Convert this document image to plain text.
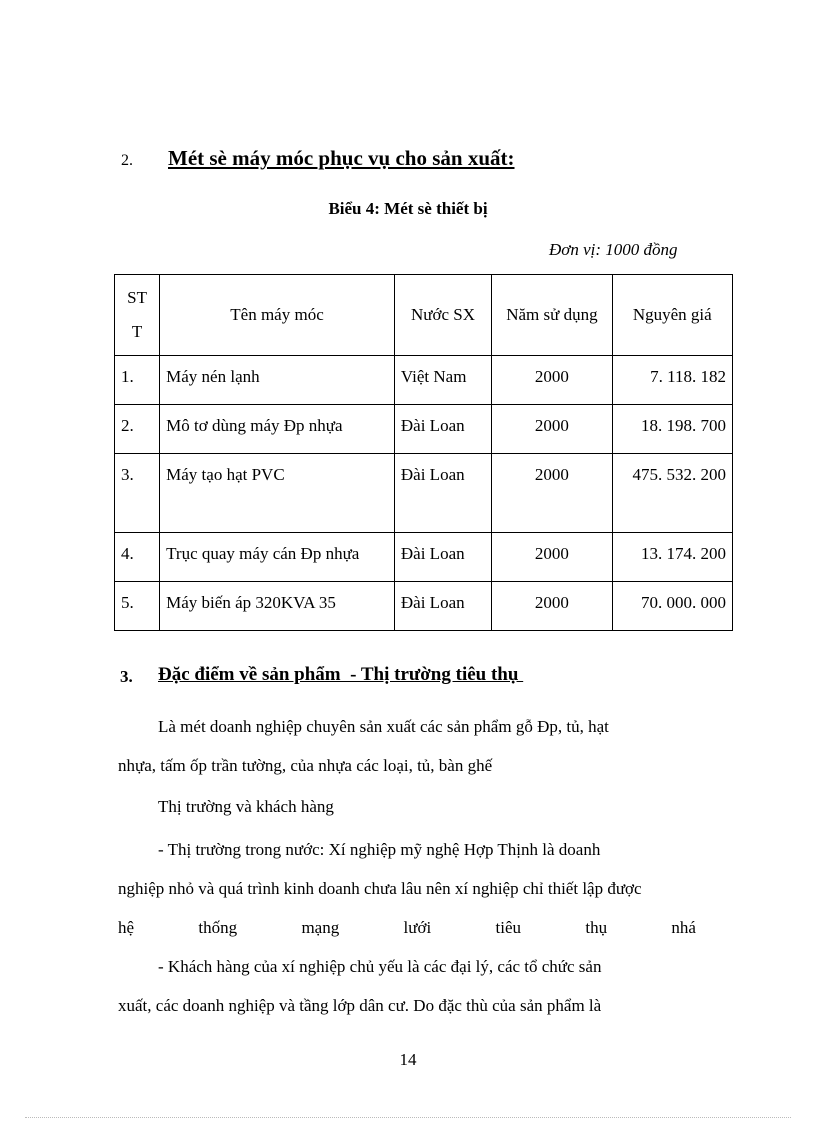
2. Mét sè máy móc phục vụ cho sản xuất:
Biểu 4: Mét sè thiết bị
Đơn vị: 1000 đồng
ST T	Tên máy móc	Nước SX	Năm sử dụng	Nguyên giá
1.	Máy nén lạnh	Việt Nam	2000	7. 118. 182
2.	Mô tơ dùng máy Ðp nhựa	Đài Loan	2000	18. 198. 700
3.	Máy tạo hạt PVC	Đài Loan	2000	475. 532. 200
4.	Trục quay máy cán Ðp nhựa	Đài Loan	2000	13. 174. 200
5.	Máy biến áp 320KVA 35	Đài Loan	2000	70. 000. 000
3. Đặc điểm về sản phẩm  - Thị trường tiêu thụ
Là mét doanh nghiệp chuyên sản xuất các sản phẩm gỗ Ðp, tủ, hạt
nhựa, tấm ốp trần tường, của nhựa các loại, tủ, bàn ghế
Thị trường và khách hàng
- Thị trường trong nước: Xí nghiệp mỹ nghệ Hợp Thịnh là doanh
nghiệp nhỏ và quá trình kinh doanh chưa lâu nên xí nghiệp chỉ thiết lập được
hệ	thống	mạng	lưới	tiêu	thụ	nhá
- Khách hàng của xí nghiệp chủ yếu là các đại lý, các tổ chức sản
xuất, các doanh nghiệp và tầng lớp dân cư. Do đặc thù của sản phẩm là
14
